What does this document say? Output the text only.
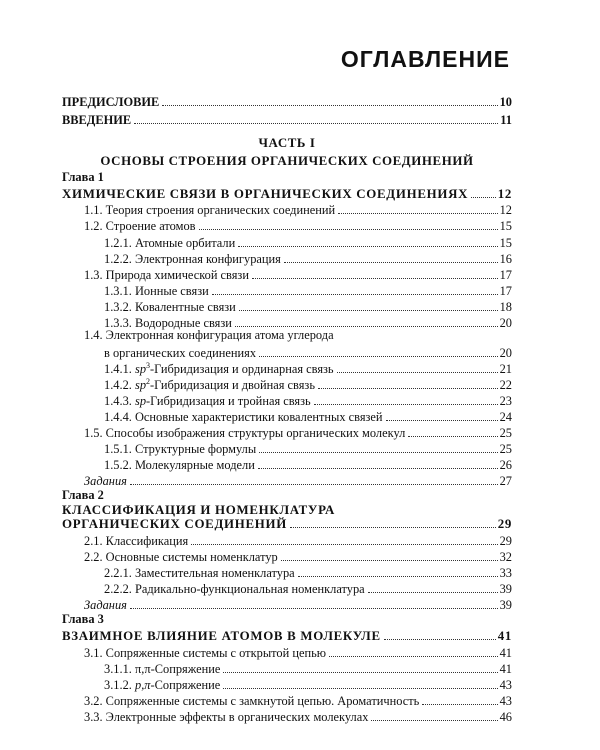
ОГЛАВЛЕНИЕ
ПРЕДИСЛОВИЕ	10
ВВЕДЕНИЕ	11
ЧАСТЬ I
ОСНОВЫ СТРОЕНИЯ ОРГАНИЧЕСКИХ СОЕДИНЕНИЙ
Глава 1
ХИМИЧЕСКИЕ СВЯЗИ В ОРГАНИЧЕСКИХ СОЕДИНЕНИЯХ 12
1.1. Теория строения органических соединений	12
1.2. Строение атомов	15
1.2.1. Атомные орбитали	15
1.2.2. Электронная конфигурация	16
1.3. Природа химической связи	17
1.3.1. Ионные связи	17
1.3.2. Ковалентные связи	18
1.3.3. Водородные связи	20
1.4. Электронная конфигурация атома углерода
в органических соединениях	20
1.4.1. $sp^3$-Гибридизация и ординарная связь	21
1.4.2. $sp^2$-Гибридизация и двойная связь	22
1.4.3. sp-Гибридизация и тройная связь	23
1.4.4. Основные характеристики ковалентных связей	24
1.5. Способы изображения структуры органических молекул	25
1.5.1. Структурные формулы	25
1.5.2. Молекулярные модели	26
Задания	27
Глава 2
КЛАССИФИКАЦИЯ И НОМЕНКЛАТУРА
ОРГАНИЧЕСКИХ СОЕДИНЕНИЙ	29
2.1. Классификация	29
2.2. Основные системы номенклатур	32
2.2.1. Заместительная номенклатура	33
2.2.2. Радикально-функциональная номенклатура	39
Задания	39
Глава 3
ВЗАИМНОЕ ВЛИЯНИЕ АТОМОВ В МОЛЕКУЛЕ	41
3.1. Сопряженные системы с открытой цепью	41
3.1.1. π,π-Сопряжение	41
3.1.2. p,π-Сопряжение	43
3.2. Сопряженные системы с замкнутой цепью. Ароматичность	43
3.3. Электронные эффекты в органических молекулах	46
